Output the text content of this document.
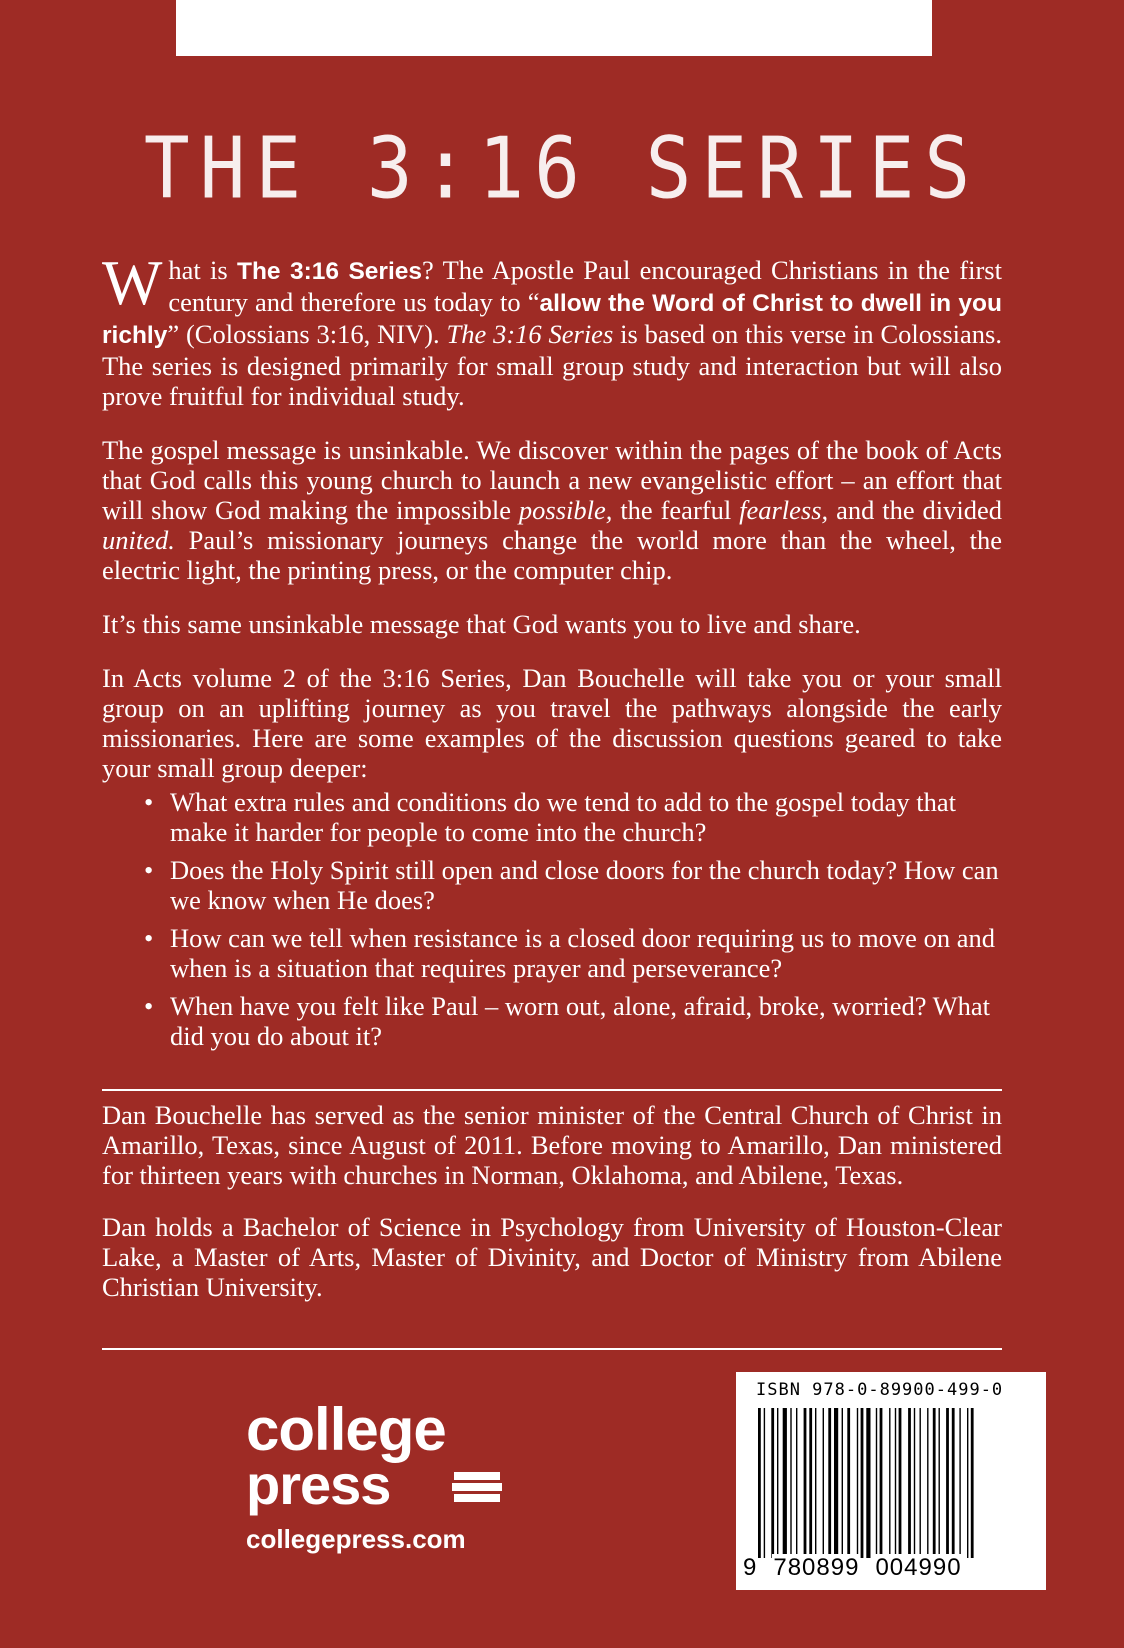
THE 3:16 SERIES

What is The 3:16 Series? The Apostle Paul encouraged Christians in the first century and therefore us today to “allow the Word of Christ to dwell in you richly” (Colossians 3:16, NIV). The 3:16 Series is based on this verse in Colossians. The series is designed primarily for small group study and interaction but will also prove fruitful for individual study.

The gospel message is unsinkable. We discover within the pages of the book of Acts that God calls this young church to launch a new evangelistic effort – an effort that will show God making the impossible possible, the fearful fearless, and the divided united. Paul’s missionary journeys change the world more than the wheel, the electric light, the printing press, or the computer chip.

It’s this same unsinkable message that God wants you to live and share.

In Acts volume 2 of the 3:16 Series, Dan Bouchelle will take you or your small group on an uplifting journey as you travel the pathways alongside the early missionaries. Here are some examples of the discussion questions geared to take your small group deeper:

• What extra rules and conditions do we tend to add to the gospel today that make it harder for people to come into the church?
• Does the Holy Spirit still open and close doors for the church today? How can we know when He does?
• How can we tell when resistance is a closed door requiring us to move on and when is a situation that requires prayer and perseverance?
• When have you felt like Paul – worn out, alone, afraid, broke, worried? What did you do about it?

Dan Bouchelle has served as the senior minister of the Central Church of Christ in Amarillo, Texas, since August of 2011. Before moving to Amarillo, Dan ministered for thirteen years with churches in Norman, Oklahoma, and Abilene, Texas.

Dan holds a Bachelor of Science in Psychology from University of Houston-Clear Lake, a Master of Arts, Master of Divinity, and Doctor of Ministry from Abilene Christian University.

college
press
collegepress.com
ISBN 978-0-89900-499-0
9 780899 004990
